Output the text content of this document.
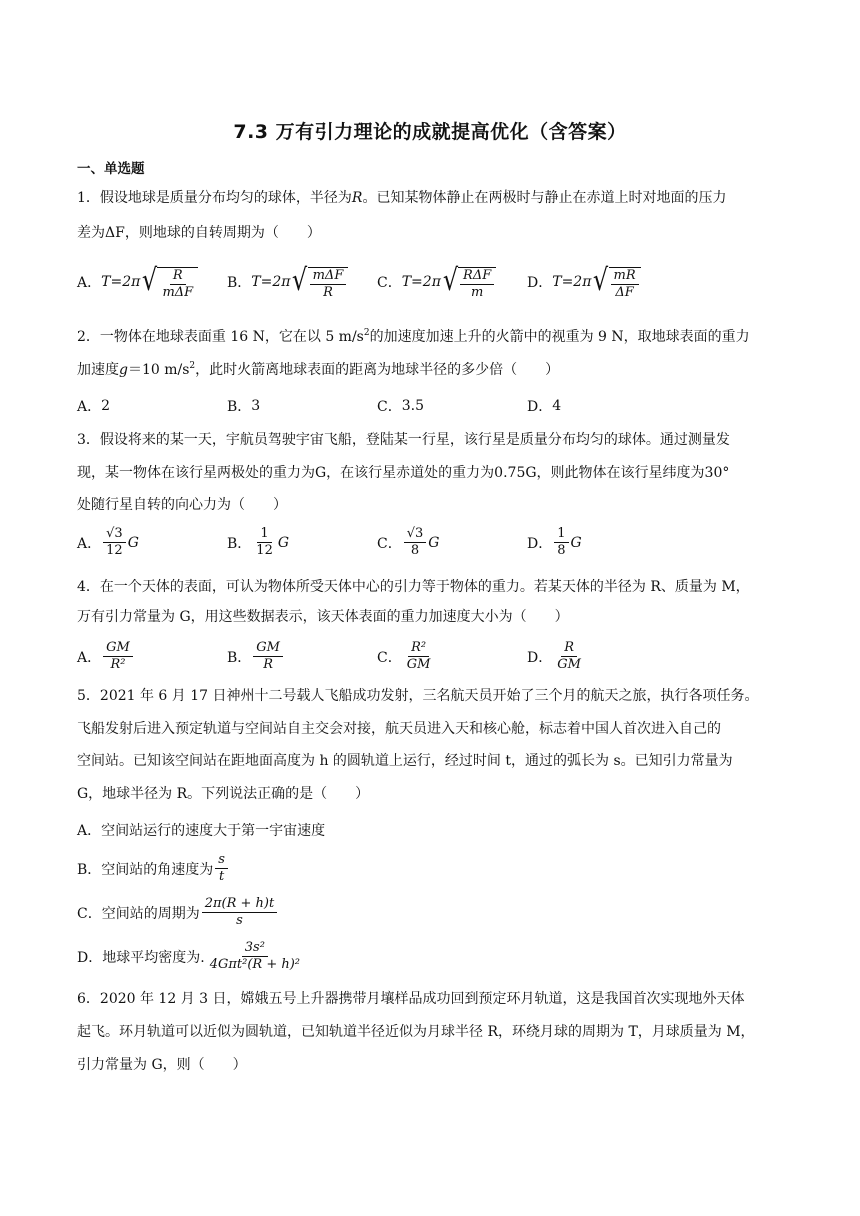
7.3 万有引力理论的成就提高优化（含答案）
一、单选题
1．假设地球是质量分布均匀的球体，半径为R。已知某物体静止在两极时与静止在赤道上时对地面的压力
差为ΔF，则地球的自转周期为（　　）
A． T=2π √ $\frac{R}{\text{mΔF}}$ B． T=2π √ $\frac{\text{mΔF}}{R}$ C． T=2π √ $\frac{\text{RΔF}}{m}$ D． T=2π √ $\frac{mR}{\Delta F}$
2．一物体在地球表面重 16 N，它在以 5 $m/s^2$的加速度加速上升的火箭中的视重为 9 N，取地球表面的重力
加速度g＝10 $m/s^2$，此时火箭离地球表面的距离为地球半径的多少倍（　　）
A． 2	B． 3	C． 3.5	D． 4
3．假设将来的某一天，宇航员驾驶宇宙飞船，登陆某一行星，该行星是质量分布均匀的球体。通过测量发
现，某一物体在该行星两极处的重力为G，在该行星赤道处的重力为0.75G，则此物体在该行星纬度为30°
处随行星自转的向心力为（　　）
A． $\frac{√3}{12}$ G	B． $\frac{1}{12}$ G	C． $\frac{√3}{8}$ G	D． $\frac{1}{8}$ G
4．在一个天体的表面，可认为物体所受天体中心的引力等于物体的重力。若某天体的半径为 R、质量为 M，
万有引力常量为 G，用这些数据表示，该天体表面的重力加速度大小为（　　）
A． $\frac{GM}{\text{R²}}$	B． $\frac{GM}{R}$	C． $\frac{\text{R²}}{GM}$	D． $\frac{R}{GM}$
5．2021 年 6 月 17 日神州十二号载人飞船成功发射，三名航天员开始了三个月的航天之旅，执行各项任务。
飞船发射后进入预定轨道与空间站自主交会对接，航天员进入天和核心舱，标志着中国人首次进入自己的
空间站。已知该空间站在距地面高度为 h 的圆轨道上运行，经过时间 t，通过的弧长为 s。已知引力常量为
G，地球半径为 R。下列说法正确的是（　　）
A．空间站运行的速度大于第一宇宙速度
B．空间站的角速度为 $\frac{s}{t}$
C．空间站的周期为 $\frac{2\pi(R + h)t}{s}$
D．地球平均密度为. $\frac{\text{3s²}}{\text{4Gπt²(R + h)²}}$
6．2020 年 12 月 3 日，嫦娥五号上升器携带月壤样品成功回到预定环月轨道，这是我国首次实现地外天体
起飞。环月轨道可以近似为圆轨道，已知轨道半径近似为月球半径 R，环绕月球的周期为 T，月球质量为 M，
引力常量为 G，则（　　）
